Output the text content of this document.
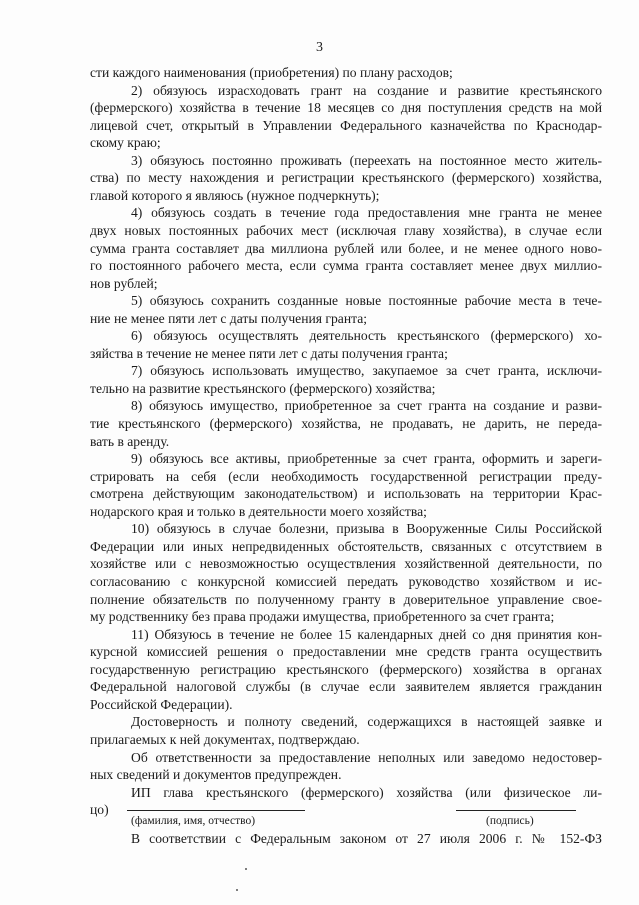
3
сти каждого наименования (приобретения) по плану расходов;
2) обязуюсь израсходовать грант на создание и развитие крестьянского
(фермерского) хозяйства в течение 18 месяцев со дня поступления средств на мой
лицевой счет, открытый в Управлении Федерального казначейства по Краснодар-
скому краю;
3) обязуюсь постоянно проживать (переехать на постоянное место житель-
ства) по месту нахождения и регистрации крестьянского (фермерского) хозяйства,
главой которого я являюсь (нужное подчеркнуть);
4) обязуюсь создать в течение года предоставления мне гранта не менее
двух новых постоянных рабочих мест (исключая главу хозяйства), в случае если
сумма гранта составляет два миллиона рублей или более, и не менее одного ново-
го постоянного рабочего места, если сумма гранта составляет менее двух миллио-
нов рублей;
5) обязуюсь сохранить созданные новые постоянные рабочие места в тече-
ние не менее пяти лет с даты получения гранта;
6) обязуюсь осуществлять деятельность крестьянского (фермерского) хо-
зяйства в течение не менее пяти лет с даты получения гранта;
7) обязуюсь использовать имущество, закупаемое за счет гранта, исключи-
тельно на развитие крестьянского (фермерского) хозяйства;
8) обязуюсь имущество, приобретенное за счет гранта на создание и разви-
тие крестьянского (фермерского) хозяйства, не продавать, не дарить, не переда-
вать в аренду.
9) обязуюсь все активы, приобретенные за счет гранта, оформить и зареги-
стрировать на себя (если необходимость государственной регистрации преду-
смотрена действующим законодательством) и использовать на территории Крас-
нодарского края и только в деятельности моего хозяйства;
10) обязуюсь в случае болезни, призыва в Вооруженные Силы Российской
Федерации или иных непредвиденных обстоятельств, связанных с отсутствием в
хозяйстве или с невозможностью осуществления хозяйственной деятельности, по
согласованию с конкурсной комиссией передать руководство хозяйством и ис-
полнение обязательств по полученному гранту в доверительное управление свое-
му родственнику без права продажи имущества, приобретенного за счет гранта;
11) Обязуюсь в течение не более 15 календарных дней со дня принятия кон-
курсной комиссией решения о предоставлении мне средств гранта осуществить
государственную регистрацию крестьянского (фермерского) хозяйства в органах
Федеральной налоговой службы (в случае если заявителем является гражданин
Российской Федерации).
Достоверность и полноту сведений, содержащихся в настоящей заявке и
прилагаемых к ней документах, подтверждаю.
Об ответственности за предоставление неполных или заведомо недостовер-
ных сведений и документов предупрежден.
ИП глава крестьянского (фермерского) хозяйства (или физическое ли-
цо)
(фамилия, имя, отчество)	(подпись)
В соответствии с Федеральным законом от 27 июля 2006 г. № 152-ФЗ
